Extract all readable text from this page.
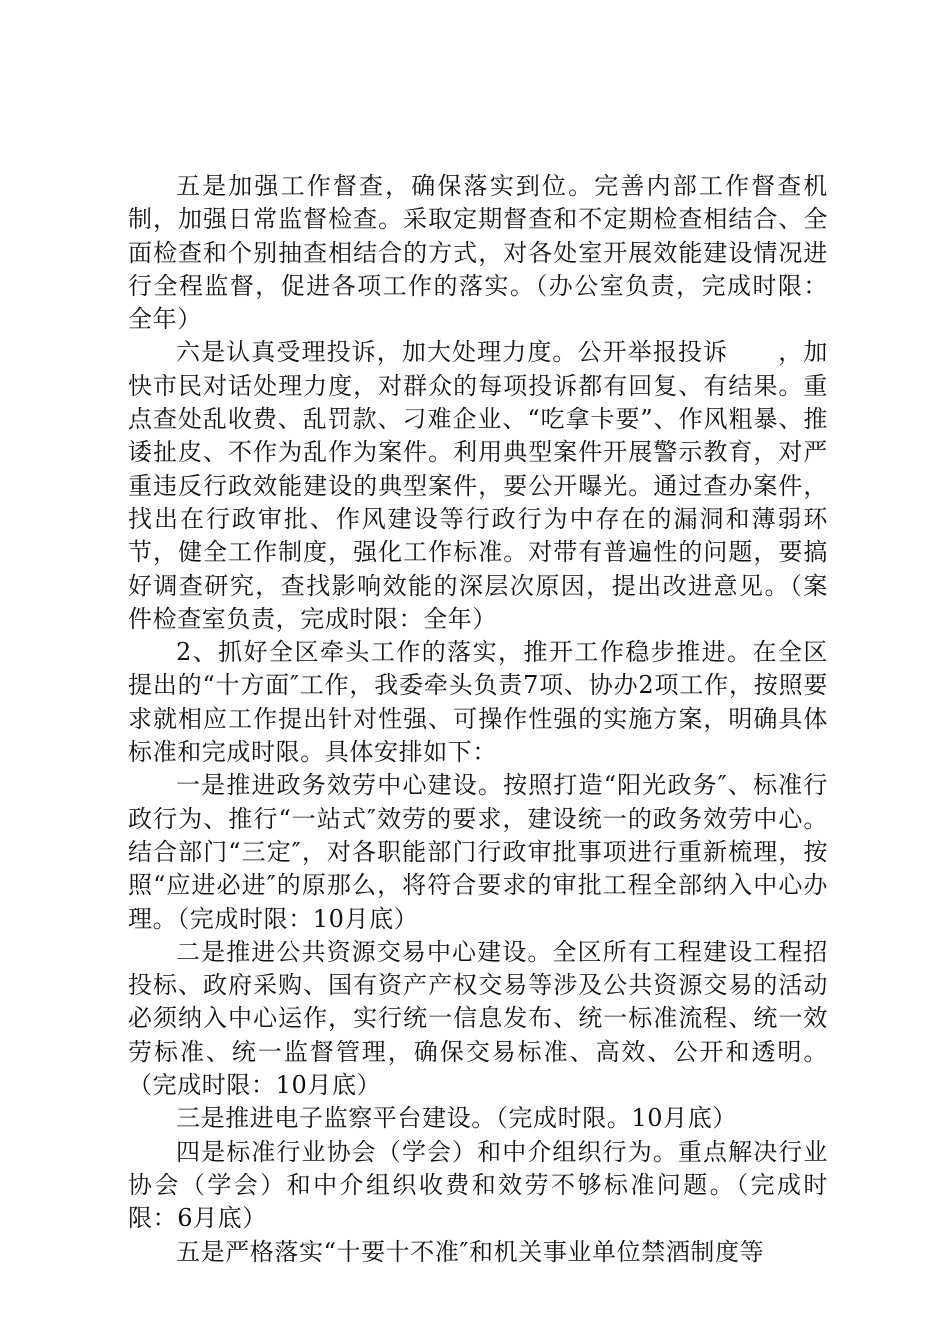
五是加强工作督查，确保落实到位。完善内部工作督查机制，加强日常监督检查。采取定期督查和不定期检查相结合、全面检查和个别抽查相结合的方式，对各处室开展效能建设情况进行全程监督，促进各项工作的落实。（办公室负责，完成时限：全年）

六是认真受理投诉，加大处理力度。公开举报投诉　　，加快市民对话处理力度，对群众的每项投诉都有回复、有结果。重点查处乱收费、乱罚款、刁难企业、“吃拿卡要”、作风粗暴、推诿扯皮、不作为乱作为案件。利用典型案件开展警示教育，对严重违反行政效能建设的典型案件，要公开曝光。通过查办案件，找出在行政审批、作风建设等行政行为中存在的漏洞和薄弱环节，健全工作制度，强化工作标准。对带有普遍性的问题，要搞好调查研究，查找影响效能的深层次原因，提出改进意见。（案件检查室负责，完成时限：全年）

2、抓好全区牵头工作的落实，推开工作稳步推进。在全区提出的“十方面″工作，我委牵头负责7项、协办2项工作，按照要求就相应工作提出针对性强、可操作性强的实施方案，明确具体标准和完成时限。具体安排如下：

一是推进政务效劳中心建设。按照打造“阳光政务″、标准行政行为、推行“一站式″效劳的要求，建设统一的政务效劳中心。结合部门“三定″，对各职能部门行政审批事项进行重新梳理，按照“应进必进″的原那么，将符合要求的审批工程全部纳入中心办理。（完成时限：10月底）

二是推进公共资源交易中心建设。全区所有工程建设工程招投标、政府采购、国有资产产权交易等涉及公共资源交易的活动必须纳入中心运作，实行统一信息发布、统一标准流程、统一效劳标准、统一监督管理，确保交易标准、高效、公开和透明。（完成时限：10月底）

三是推进电子监察平台建设。（完成时限。10月底）

四是标准行业协会（学会）和中介组织行为。重点解决行业协会（学会）和中介组织收费和效劳不够标准问题。（完成时限：6月底）

五是严格落实“十要十不准″和机关事业单位禁酒制度等
